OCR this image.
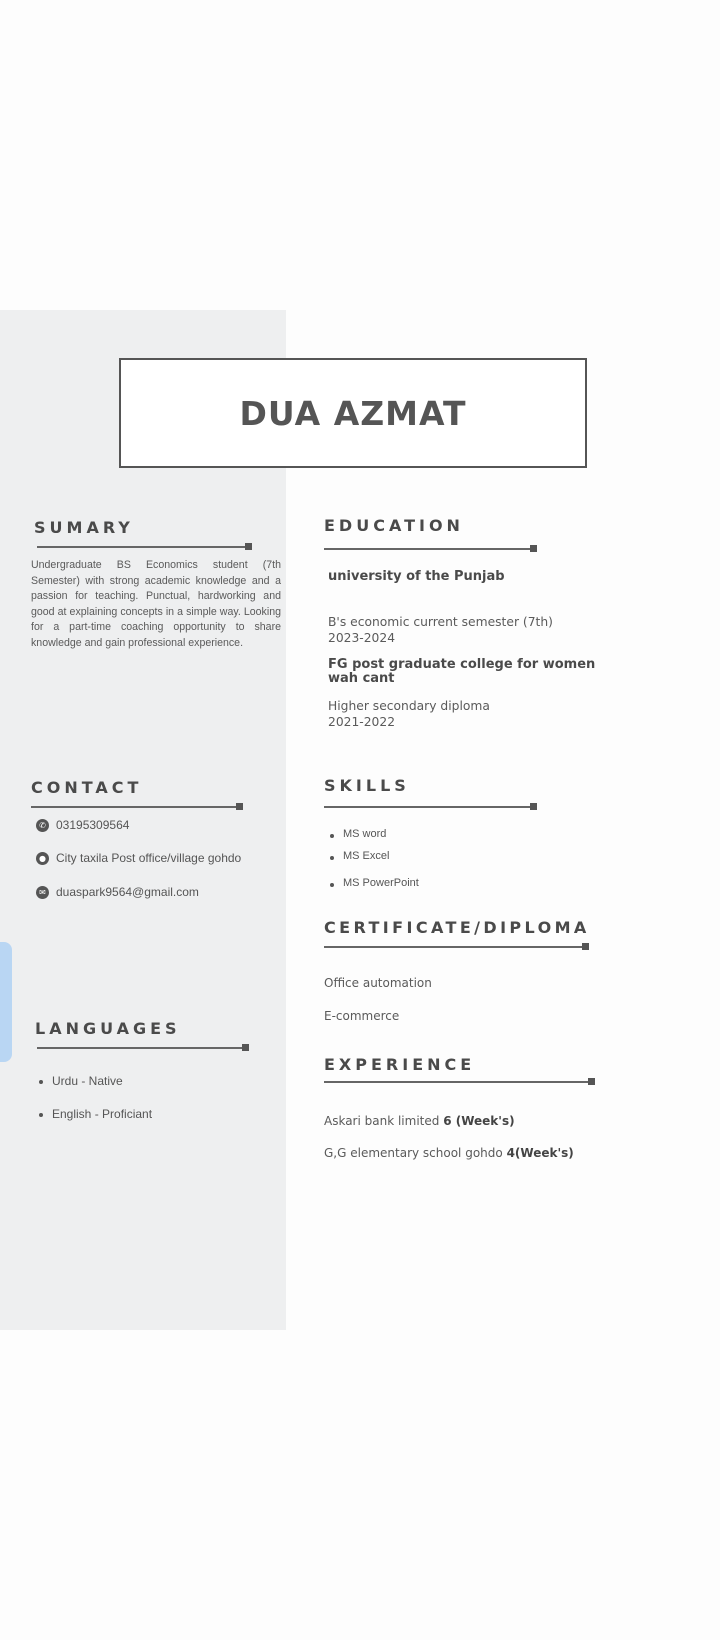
DUA AZMAT
SUMARY

Undergraduate BS Economics student (7th Semester) with strong academic knowledge and a passion for teaching. Punctual, hardworking and good at explaining concepts in a simple way. Looking for a part-time coaching opportunity to share knowledge and gain professional experience.

CONTACT
✆ 03195309564
● City taxila Post office/village gohdo
✉ duaspark9564@gmail.com
LANGUAGES
Urdu - Native
English - Proficiant
EDUCATION

university of the Punjab

B's economic current semester (7th)

2023-2024

FG post graduate college for women wah cant

Higher secondary diploma

2021-2022

SKILLS
MS word
MS Excel
MS PowerPoint
CERTIFICATE/DIPLOMA

Office automation

E-commerce

EXPERIENCE

Askari bank limited 6 (Week's)

G,G elementary school gohdo 4(Week's)
